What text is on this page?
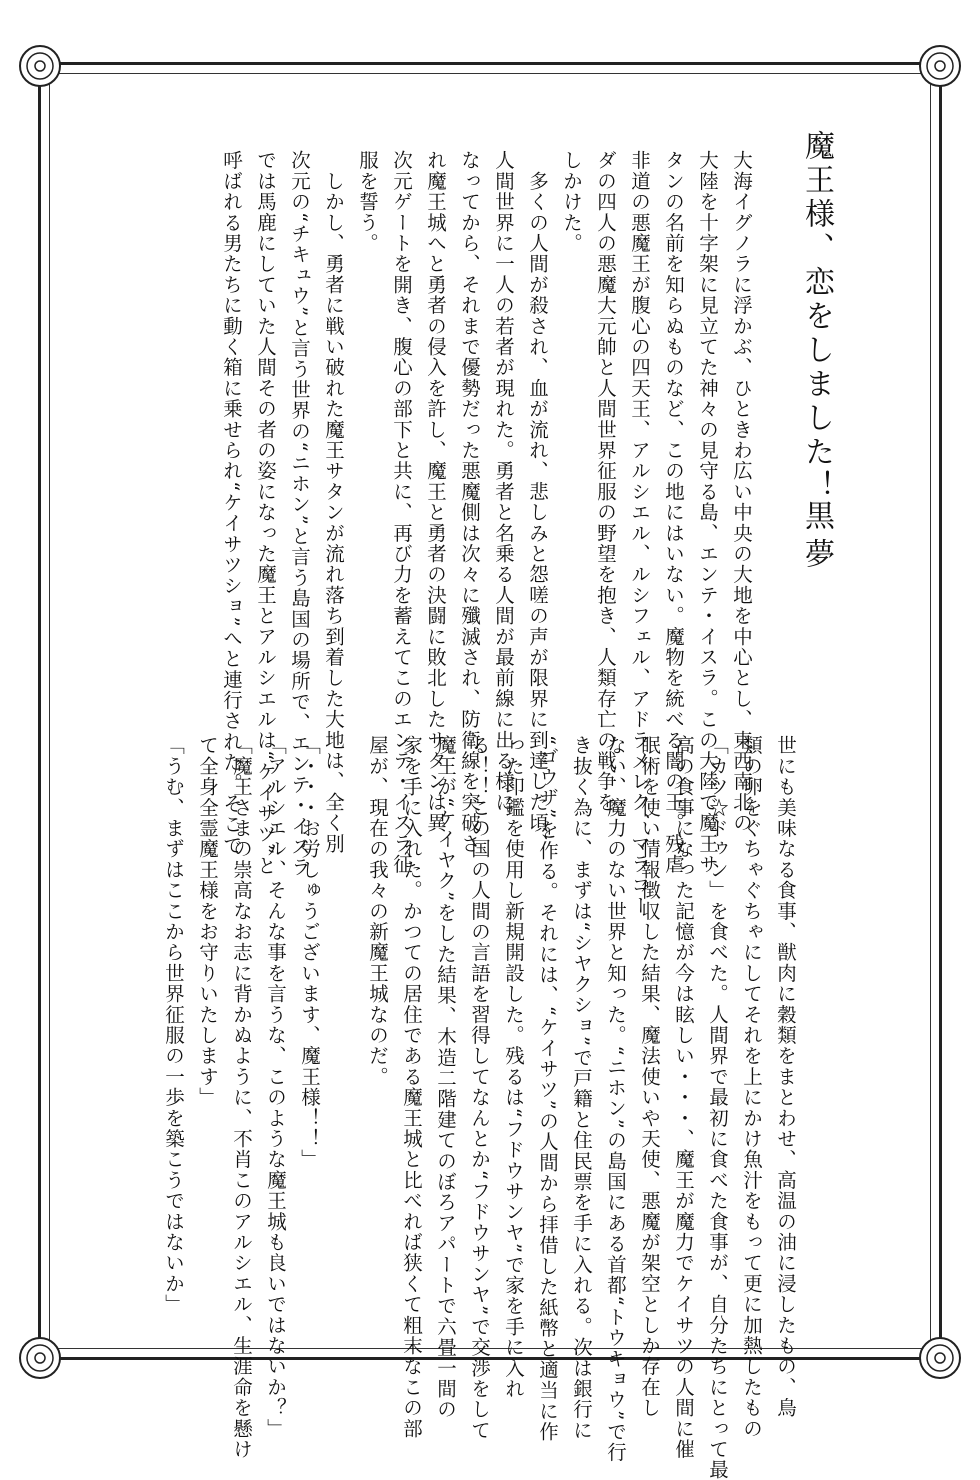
魔王様、恋をしました！
黒夢
大海イグノラに浮かぶ、ひときわ広い中央の大地を中心とし、東西南北の
大陸を十字架に見立てた神々の見守る島、エンテ・イスラ。この大陸で魔王サ
タンの名前を知らぬものなど、この地にはいない。魔物を統べる闇の王。残虐
非道の悪魔王が腹心の四天王、アルシエル、ルシフェル、アドラメレク、マラコー
ダの四人の悪魔大元帥と人間世界征服の野望を抱き、人類存亡の戦争を
しかけた。
　多くの人間が殺され、血が流れ、悲しみと怨嗟の声が限界に到達した頃、
人間世界に一人の若者が現れた。勇者と名乗る人間が最前線に出る様に
なってから、それまで優勢だった悪魔側は次々に殲滅され、防衛線を突破さ
れ魔王城へと勇者の侵入を許し、魔王と勇者の決闘に敗北したサタンは異
次元ゲートを開き、腹心の部下と共に、再び力を蓄えてこのエンテ・イスラ征
服を誓う。
　しかし、勇者に戦い破れた魔王サタンが流れ落ち到着した大地は、全く別
次元の“チキュウ”と言う世界の“ニホン”と言う島国の場所で、エンテ・イスラ
では馬鹿にしていた人間その者の姿になった魔王とアルシエルは“ケイサツ”と
呼ばれる男たちに動く箱に乗せられ“ケイサツショ”へと連行された。そこで
世にも美味なる食事、獣肉に穀類をまとわせ、高温の油に浸したもの、鳥
類の卵をぐちゃぐちゃにしてそれを上にかけ魚汁をもって更に加熱したもの
「カツ☆ドゥン」を食べた。人間界で最初に食べた食事が、自分たちにとって最
高の食事になった記憶が今は眩しい・・・、魔王が魔力でケイサツの人間に催
眠術を使い情報徴収した結果、魔法使いや天使、悪魔が架空としか存在し
ない、魔力のない世界と知った。“ニホン”の島国にある首都“トウキョウ”で行
き抜く為に、まずは“シヤクショ”で戸籍と住民票を手に入れる。次は銀行に
“ゴウザ”を作る。それには、“ケイサツ”の人間から拝借した紙幣と適当に作
った印鑑を使用し新規開設した。残るは“フドウサンヤ”で家を手に入れ
る！！この国の人間の言語を習得してなんとか“フドウサンヤ”で交渉をして
魔王が“ケイヤク”をした結果、木造二階建てのぼろアパートで六畳一間の
家を手に入れた。かつての居住である魔王城と比べれば狭くて粗末なこの部
屋が、現在の我々の新魔王城なのだ。

「・・・お労しゅうございます、魔王様！！」
「アルシエル、そんな事を言うな、このような魔王城も良いではないか？」
「魔王さまの崇高なお志に背かぬように、不肖このアルシエル、生涯命を懸け
て全身全霊魔王様をお守りいたします」
「うむ、まずはここから世界征服の一歩を築こうではないか」
